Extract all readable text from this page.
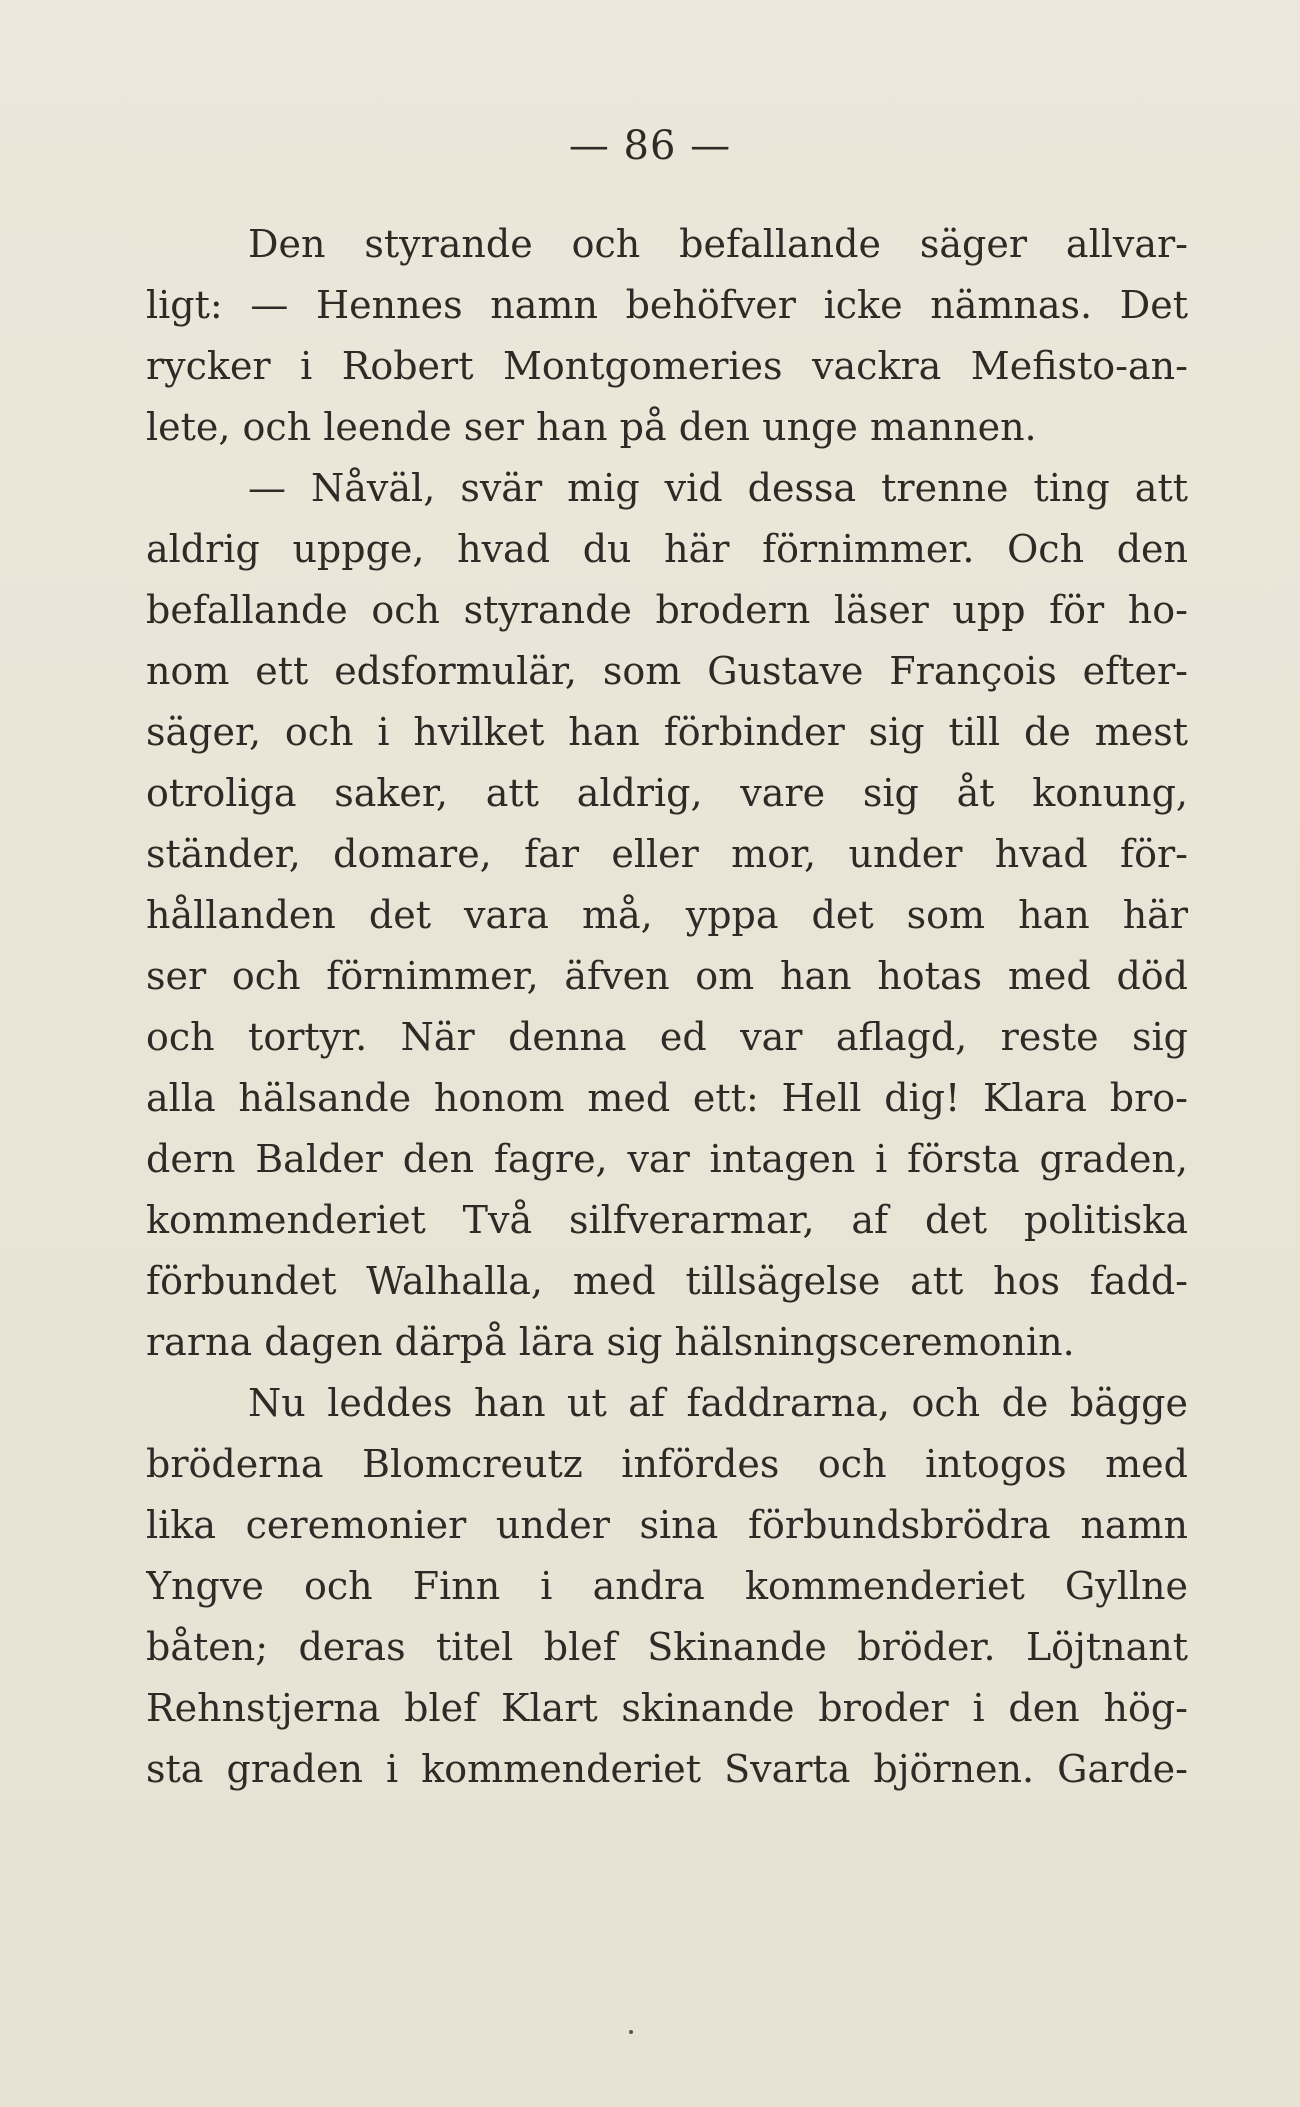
— 86 —
Den styrande och befallande säger allvar-
ligt: — Hennes namn behöfver icke nämnas. Det
rycker i Robert Montgomeries vackra Mefisto-an-
lete, och leende ser han på den unge mannen.
— Nåväl, svär mig vid dessa trenne ting att
aldrig uppge, hvad du här förnimmer. Och den
befallande och styrande brodern läser upp för ho-
nom ett edsformulär, som Gustave François efter-
säger, och i hvilket han förbinder sig till de mest
otroliga saker, att aldrig, vare sig åt konung,
ständer, domare, far eller mor, under hvad för-
hållanden det vara må, yppa det som han här
ser och förnimmer, äfven om han hotas med död
och tortyr. När denna ed var aflagd, reste sig
alla hälsande honom med ett: Hell dig! Klara bro-
dern Balder den fagre, var intagen i första graden,
kommenderiet Två silfverarmar, af det politiska
förbundet Walhalla, med tillsägelse att hos fadd-
rarna dagen därpå lära sig hälsningsceremonin.
Nu leddes han ut af faddrarna, och de bägge
bröderna Blomcreutz infördes och intogos med
lika ceremonier under sina förbundsbrödra namn
Yngve och Finn i andra kommenderiet Gyllne
båten; deras titel blef Skinande bröder. Löjtnant
Rehnstjerna blef Klart skinande broder i den hög-
sta graden i kommenderiet Svarta björnen. Garde-
